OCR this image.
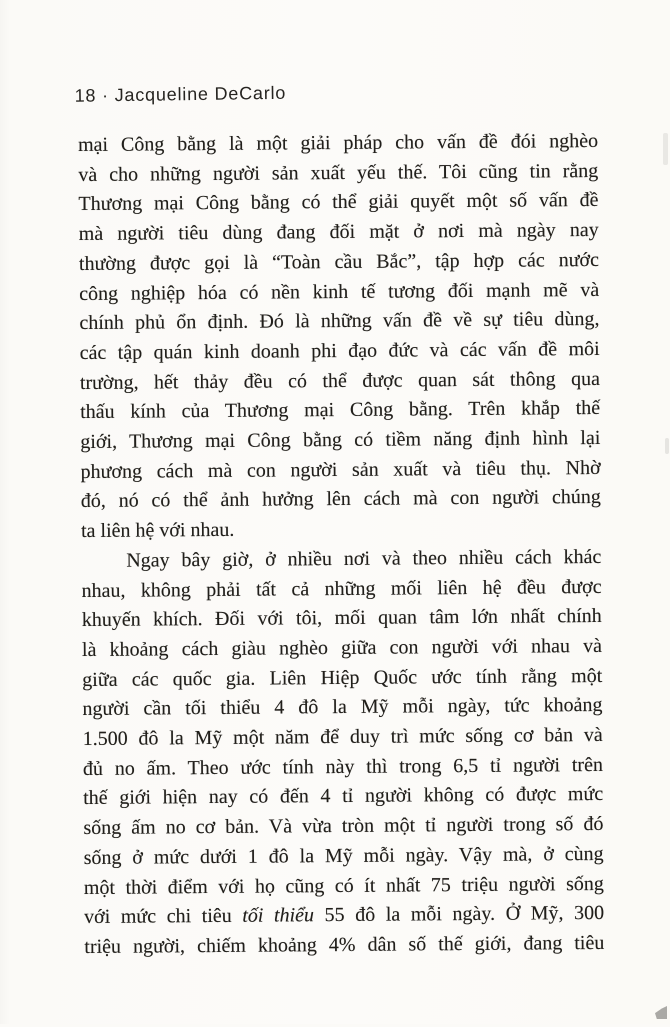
18 · Jacqueline DeCarlo
mại Công bằng là một giải pháp cho vấn đề đói nghèo
và cho những người sản xuất yếu thế. Tôi cũng tin rằng
Thương mại Công bằng có thể giải quyết một số vấn đề
mà người tiêu dùng đang đối mặt ở nơi mà ngày nay
thường được gọi là “Toàn cầu Bắc”, tập hợp các nước
công nghiệp hóa có nền kinh tế tương đối mạnh mẽ và
chính phủ ổn định. Đó là những vấn đề về sự tiêu dùng,
các tập quán kinh doanh phi đạo đức và các vấn đề môi
trường, hết thảy đều có thể được quan sát thông qua
thấu kính của Thương mại Công bằng. Trên khắp thế
giới, Thương mại Công bằng có tiềm năng định hình lại
phương cách mà con người sản xuất và tiêu thụ. Nhờ
đó, nó có thể ảnh hưởng lên cách mà con người chúng
ta liên hệ với nhau.
Ngay bây giờ, ở nhiều nơi và theo nhiều cách khác
nhau, không phải tất cả những mối liên hệ đều được
khuyến khích. Đối với tôi, mối quan tâm lớn nhất chính
là khoảng cách giàu nghèo giữa con người với nhau và
giữa các quốc gia. Liên Hiệp Quốc ước tính rằng một
người cần tối thiểu 4 đô la Mỹ mỗi ngày, tức khoảng
1.500 đô la Mỹ một năm để duy trì mức sống cơ bản và
đủ no ấm. Theo ước tính này thì trong 6,5 tỉ người trên
thế giới hiện nay có đến 4 tỉ người không có được mức
sống ấm no cơ bản. Và vừa tròn một tỉ người trong số đó
sống ở mức dưới 1 đô la Mỹ mỗi ngày. Vậy mà, ở cùng
một thời điểm với họ cũng có ít nhất 75 triệu người sống
với mức chi tiêu tối thiểu 55 đô la mỗi ngày. Ở Mỹ, 300
triệu người, chiếm khoảng 4% dân số thế giới, đang tiêu
